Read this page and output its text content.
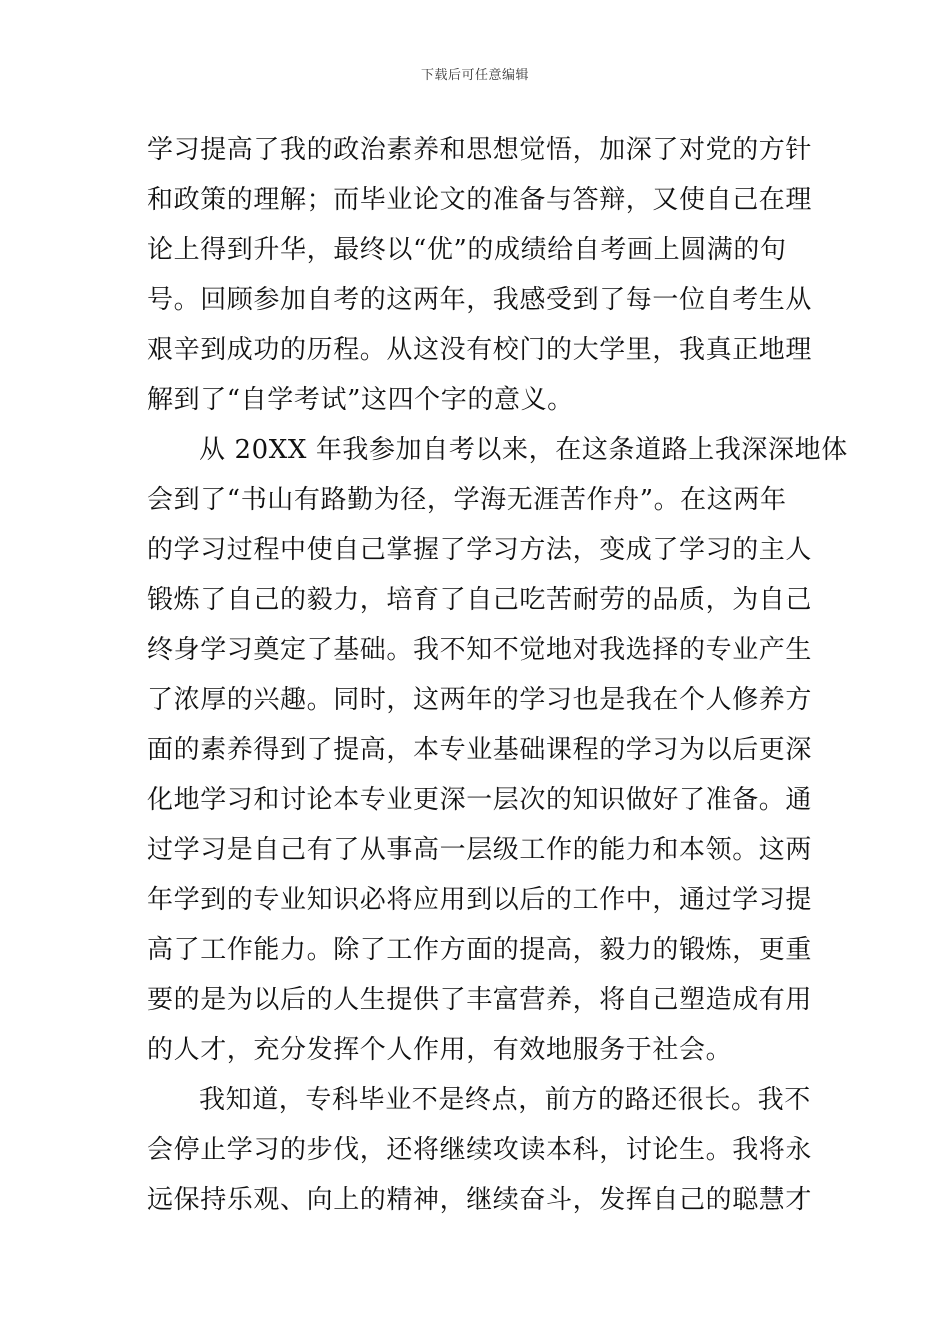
下载后可任意编辑
学习提高了我的政治素养和思想觉悟，加深了对党的方针
和政策的理解；而毕业论文的准备与答辩，又使自己在理
论上得到升华，最终以“优”的成绩给自考画上圆满的句
号。回顾参加自考的这两年，我感受到了每一位自考生从
艰辛到成功的历程。从这没有校门的大学里，我真正地理
解到了“自学考试”这四个字的意义。
从 20XX 年我参加自考以来，在这条道路上我深深地体
会到了“书山有路勤为径，学海无涯苦作舟”。在这两年
的学习过程中使自己掌握了学习方法，变成了学习的主人
锻炼了自己的毅力，培育了自己吃苦耐劳的品质，为自己
终身学习奠定了基础。我不知不觉地对我选择的专业产生
了浓厚的兴趣。同时，这两年的学习也是我在个人修养方
面的素养得到了提高，本专业基础课程的学习为以后更深
化地学习和讨论本专业更深一层次的知识做好了准备。通
过学习是自己有了从事高一层级工作的能力和本领。这两
年学到的专业知识必将应用到以后的工作中，通过学习提
高了工作能力。除了工作方面的提高，毅力的锻炼，更重
要的是为以后的人生提供了丰富营养，将自己塑造成有用
的人才，充分发挥个人作用，有效地服务于社会。
我知道，专科毕业不是终点，前方的路还很长。我不
会停止学习的步伐，还将继续攻读本科，讨论生。我将永
远保持乐观、向上的精神，继续奋斗，发挥自己的聪慧才
